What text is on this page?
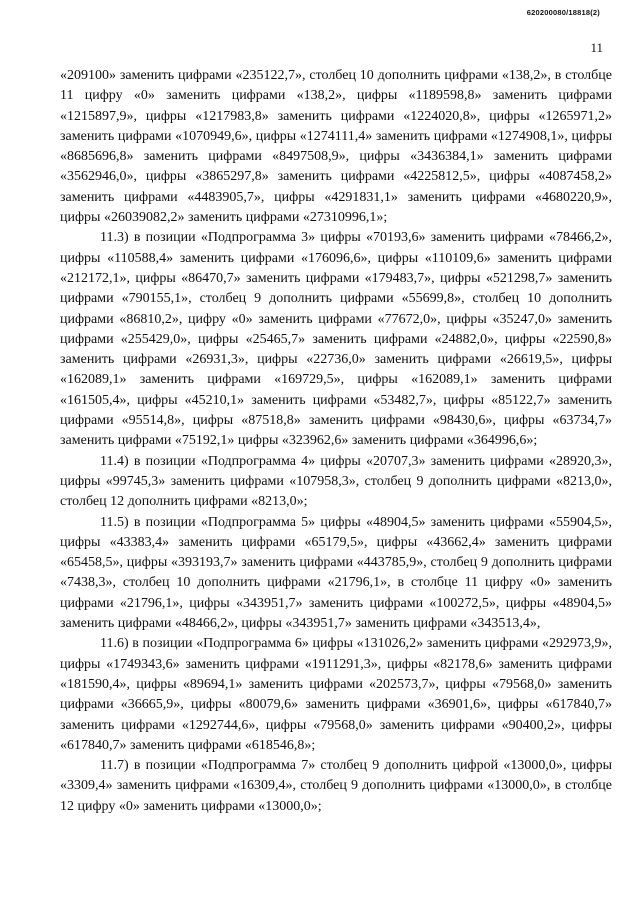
620200080/18818(2)
11

«209100» заменить цифрами «235122,7», столбец 10 дополнить цифрами «138,2», в столбце 11 цифру «0» заменить цифрами «138,2», цифры «1189598,8» заменить цифрами «1215897,9», цифры «1217983,8» заменить цифрами «1224020,8», цифры «1265971,2» заменить цифрами «1070949,6», цифры «1274111,4» заменить цифрами «1274908,1», цифры «8685696,8» заменить цифрами «8497508,9», цифры «3436384,1» заменить цифрами «3562946,0», цифры «3865297,8» заменить цифрами «4225812,5», цифры «4087458,2» заменить цифрами «4483905,7», цифры «4291831,1» заменить цифрами «4680220,9», цифры «26039082,2» заменить цифрами «27310996,1»;

11.3) в позиции «Подпрограмма 3» цифры «70193,6» заменить цифрами «78466,2», цифры «110588,4» заменить цифрами «176096,6», цифры «110109,6» заменить цифрами «212172,1», цифры «86470,7» заменить цифрами «179483,7», цифры «521298,7» заменить цифрами «790155,1», столбец 9 дополнить цифрами «55699,8», столбец 10 дополнить цифрами «86810,2», цифру «0» заменить цифрами «77672,0», цифры «35247,0» заменить цифрами «255429,0», цифры «25465,7» заменить цифрами «24882,0», цифры «22590,8» заменить цифрами «26931,3», цифры «22736,0» заменить цифрами «26619,5», цифры «162089,1» заменить цифрами «169729,5», цифры «162089,1» заменить цифрами «161505,4», цифры «45210,1» заменить цифрами «53482,7», цифры «85122,7» заменить цифрами «95514,8», цифры «87518,8» заменить цифрами «98430,6», цифры «63734,7» заменить цифрами «75192,1» цифры «323962,6» заменить цифрами «364996,6»;

11.4) в позиции «Подпрограмма 4» цифры «20707,3» заменить цифрами «28920,3», цифры «99745,3» заменить цифрами «107958,3», столбец 9 дополнить цифрами «8213,0», столбец 12 дополнить цифрами «8213,0»;

11.5) в позиции «Подпрограмма 5» цифры «48904,5» заменить цифрами «55904,5», цифры «43383,4» заменить цифрами «65179,5», цифры «43662,4» заменить цифрами «65458,5», цифры «393193,7» заменить цифрами «443785,9», столбец 9 дополнить цифрами «7438,3», столбец 10 дополнить цифрами «21796,1», в столбце 11 цифру «0» заменить цифрами «21796,1», цифры «343951,7» заменить цифрами «100272,5», цифры «48904,5» заменить цифрами «48466,2», цифры «343951,7» заменить цифрами «343513,4»,

11.6) в позиции «Подпрограмма 6» цифры «131026,2» заменить цифрами «292973,9», цифры «1749343,6» заменить цифрами «1911291,3», цифры «82178,6» заменить цифрами «181590,4», цифры «89694,1» заменить цифрами «202573,7», цифры «79568,0» заменить цифрами «36665,9», цифры «80079,6» заменить цифрами «36901,6», цифры «617840,7» заменить цифрами «1292744,6», цифры «79568,0» заменить цифрами «90400,2», цифры «617840,7» заменить цифрами «618546,8»;

11.7) в позиции «Подпрограмма 7» столбец 9 дополнить цифрой «13000,0», цифры «3309,4» заменить цифрами «16309,4», столбец 9 дополнить цифрами «13000,0», в столбце 12 цифру «0» заменить цифрами «13000,0»;
